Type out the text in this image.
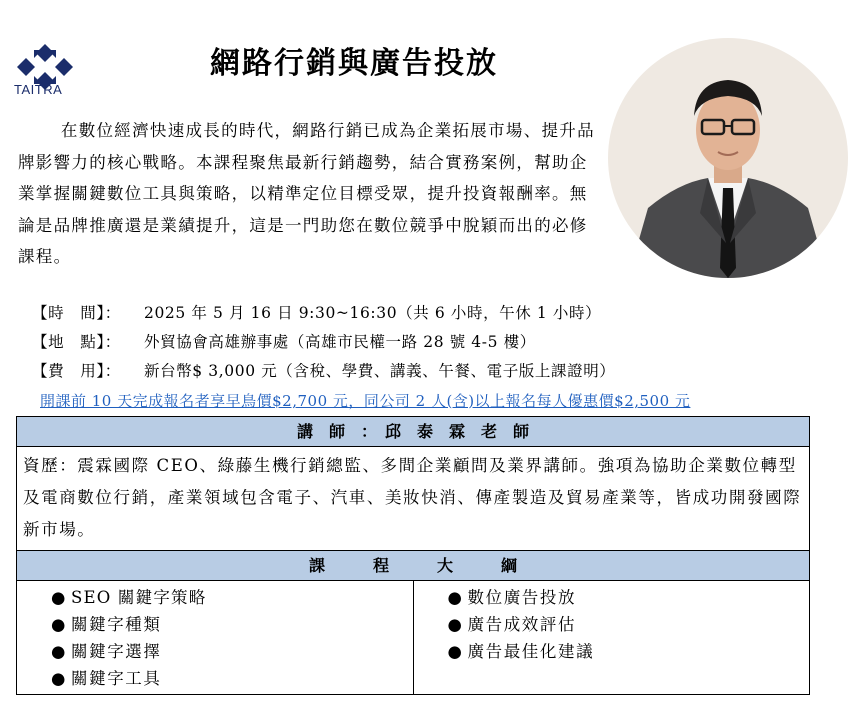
TAITRA
網路行銷與廣告投放

在數位經濟快速成長的時代，網路行銷已成為企業拓展市場、提升品牌影響力的核心戰略。本課程聚焦最新行銷趨勢，結合實務案例，幫助企業掌握關鍵數位工具與策略，以精準定位目標受眾，提升投資報酬率。無論是品牌推廣還是業績提升，這是一門助您在數位競爭中脫穎而出的必修課程。

【時　間】： 2025 年 5 月 16 日 9:30~16:30（共 6 小時，午休 1 小時）
【地　點】： 外貿協會高雄辦事處（高雄市民權一路 28 號 4-5 樓）
【費　用】： 新台幣$ 3,000 元（含稅、學費、講義、午餐、電子版上課證明）
開課前 10 天完成報名者享早鳥價$2,700 元，同公司 2 人(含)以上報名每人優惠價$2,500 元
講　師　：　邱　泰　霖　老　師
資歷：震霖國際 CEO、綠藤生機行銷總監、多間企業顧問及業界講師。強項為協助企業數位轉型及電商數位行銷，產業領域包含電子、汽車、美妝快消、傳產製造及貿易產業等，皆成功開發國際新市場。
課　　　程　　　大　　　綱
● SEO 關鍵字策略
● 關鍵字種類
● 關鍵字選擇
● 關鍵字工具
● 數位廣告投放
● 廣告成效評估
● 廣告最佳化建議
